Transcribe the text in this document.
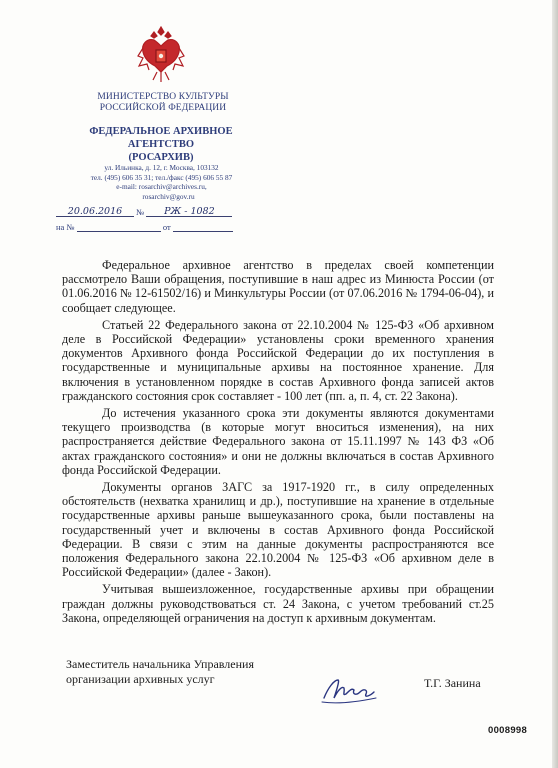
МИНИСТЕРСТВО КУЛЬТУРЫ
РОССИЙСКОЙ ФЕДЕРАЦИИ
ФЕДЕРАЛЬНОЕ АРХИВНОЕ АГЕНТСТВО
(РОСАРХИВ)
ул. Ильинка, д. 12, г. Москва, 103132
тел. (495) 606 35 31; тел./факс (495) 606 55 87
e-mail: rosarchiv@archives.ru,
rosarchiv@gov.ru
20.06.2016 № РЖ - 1082
на №	от

Федеральное архивное агентство в пределах своей компетенции рассмотрело Ваши обращения, поступившие в наш адрес из Минюста России (от 01.06.2016 № 12-61502/16) и Минкультуры России (от 07.06.2016 № 1794-06-04), и сообщает следующее.

Статьей 22 Федерального закона от 22.10.2004 № 125-ФЗ «Об архивном деле в Российской Федерации» установлены сроки временного хранения документов Архивного фонда Российской Федерации до их поступления в государственные и муниципальные архивы на постоянное хранение. Для включения в установленном порядке в состав Архивного фонда записей актов гражданского состояния срок составляет - 100 лет (пп. а, п. 4, ст. 22 Закона).

До истечения указанного срока эти документы являются документами текущего производства (в которые могут вноситься изменения), на них распространяется действие Федерального закона от 15.11.1997 № 143 ФЗ «Об актах гражданского состояния» и они не должны включаться в состав Архивного фонда Российской Федерации.

Документы органов ЗАГС за 1917-1920 гг., в силу определенных обстоятельств (нехватка хранилищ и др.), поступившие на хранение в отдельные государственные архивы раньше вышеуказанного срока, были поставлены на государственный учет и включены в состав Архивного фонда Российской Федерации. В связи с этим на данные документы распространяются все положения Федерального закона 22.10.2004 № 125-ФЗ «Об архивном деле в Российской Федерации» (далее - Закон).

Учитывая вышеизложенное, государственные архивы при обращении граждан должны руководствоваться ст. 24 Закона, с учетом требований ст.25 Закона, определяющей ограничения на доступ к архивным документам.

Заместитель начальника Управления
организации архивных услуг	Т.Г. Занина
0008998
